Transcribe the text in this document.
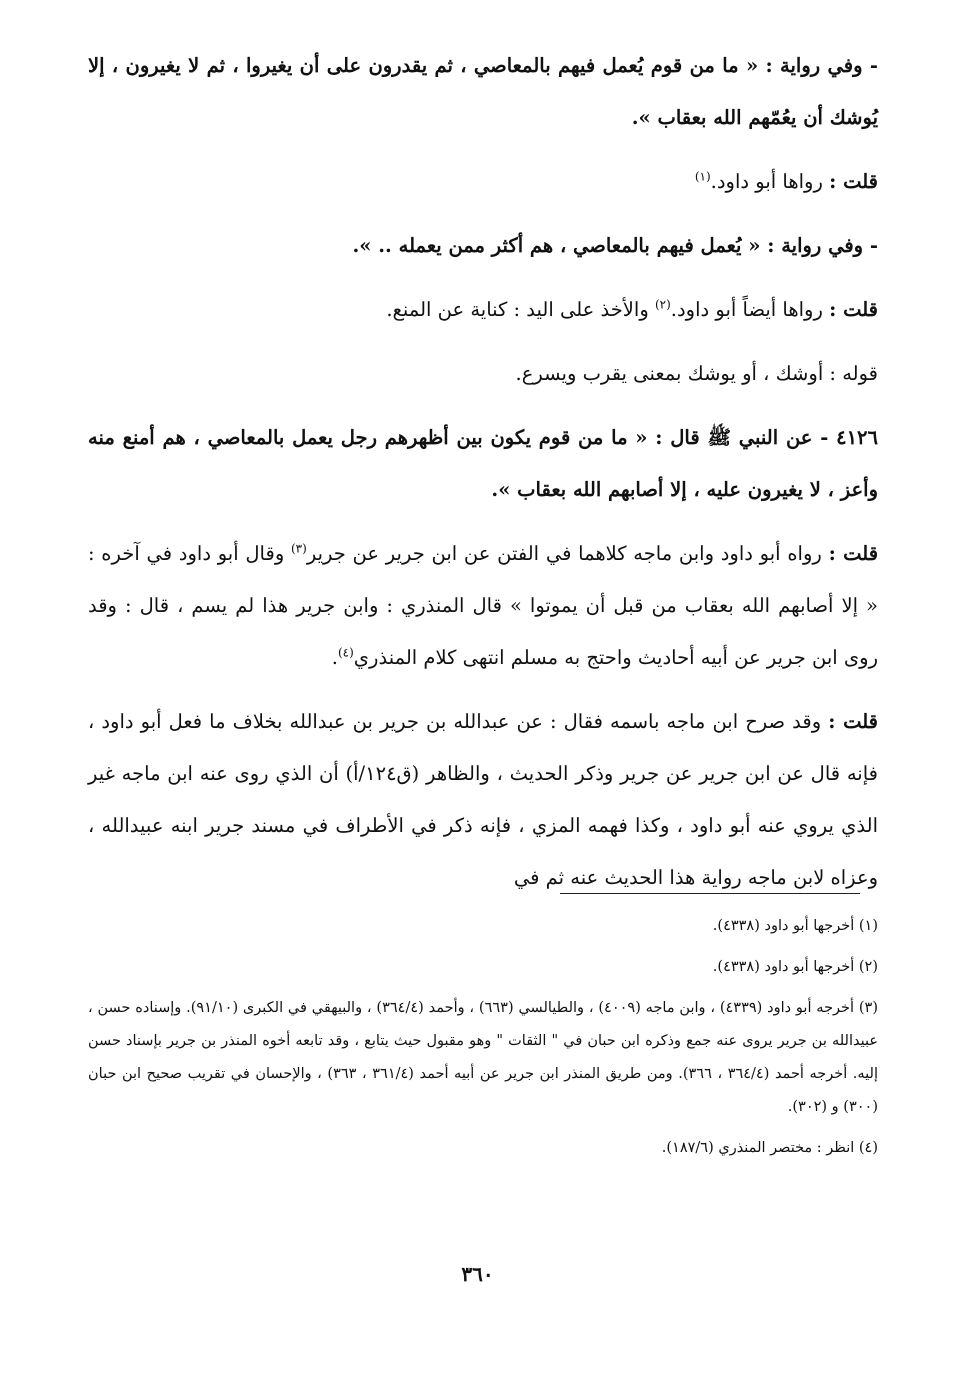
- وفي رواية : « ما من قوم يُعمل فيهم بالمعاصي ، ثم يقدرون على أن يغيروا ، ثم لا يغيرون ، إلا يُوشك أن يعُمّهم الله بعقاب ».

قلت : رواها أبو داود.$^{(١)}$

- وفي رواية : « يُعمل فيهم بالمعاصي ، هم أكثر ممن يعمله .. ».

قلت : رواها أيضاً أبو داود.$^{(٢)}$ والأخذ على اليد : كناية عن المنع.

قوله : أوشك ، أو يوشك بمعنى يقرب ويسرع.

٤١٢٦ - عن النبي ﷺ قال : « ما من قوم يكون بين أظهرهم رجل يعمل بالمعاصي ، هم أمنع منه وأعز ، لا يغيرون عليه ، إلا أصابهم الله بعقاب ».

قلت : رواه أبو داود وابن ماجه كلاهما في الفتن عن ابن جرير عن جرير$^{(٣)}$ وقال أبو داود في آخره : « إلا أصابهم الله بعقاب من قبل أن يموتوا » قال المنذري : وابن جرير هذا لم يسم ، قال : وقد روى ابن جرير عن أبيه أحاديث واحتج به مسلم انتهى كلام المنذري$^{(٤)}$.

قلت : وقد صرح ابن ماجه باسمه فقال : عن عبدالله بن جرير بن عبدالله بخلاف ما فعل أبو داود ، فإنه قال عن ابن جرير عن جرير وذكر الحديث ، والظاهر (ق١٢٤/أ) أن الذي روى عنه ابن ماجه غير الذي يروي عنه أبو داود ، وكذا فهمه المزي ، فإنه ذكر في الأطراف في مسند جرير ابنه عبيدالله ، وعزاه لابن ماجه رواية هذا الحديث عنه ثم في

(١) أخرجها أبو داود (٤٣٣٨).

(٢) أخرجها أبو داود (٤٣٣٨).

(٣) أخرجه أبو داود (٤٣٣٩) ، وابن ماجه (٤٠٠٩) ، والطيالسي (٦٦٣) ، وأحمد (٣٦٤/٤) ، والبيهقي في الكبرى (٩١/١٠). وإسناده حسن ، عبيدالله بن جرير يروى عنه جمع وذكره ابن حبان في " الثقات " وهو مقبول حيث يتابع ، وقد تابعه أخوه المنذر بن جرير بإسناد حسن إليه. أخرجه أحمد (٣٦٤/٤ ، ٣٦٦). ومن طريق المنذر ابن جرير عن أبيه أحمد (٣٦١/٤ ، ٣٦٣) ، والإحسان في تقريب صحيح ابن حبان (٣٠٠) و (٣٠٢).

(٤) انظر : مختصر المنذري (١٨٧/٦).

٣٦٠
